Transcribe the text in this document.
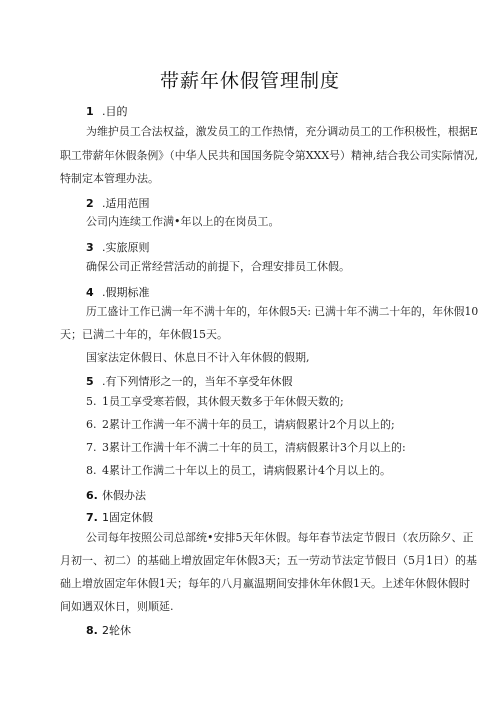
带薪年休假管理制度
1 .目的
为维护员工合法权益，激发员工的工作热情，充分调动员工的工作积极性，根据E
职工带薪年休假条例》（中华人民共和国国务院令第XXX号）精神,结合我公司实际情况,
特制定本管理办法。
2 .适用范围
公司内连续工作满•年以上的在岗员工。
3 .实旅原则
确保公司正常经营活动的前提下，合理安排员工休假。
4 .假期标准
历工盛计工作已满一年不满十年的，年休假5天: 已满十年不满二十年的，年休假10
天；已满二十年的，年休假15天。
国家法定休假日、休息日不计入年休假的假期,
5 .有下列情形之一的，当年不享受年休假
5. 1员工享受寒若假，其休假天数多于年休假天数的;
6. 2累计工作满一年不满十年的员工，请病假累计2个月以上的;
7. 3累计工作满十年不满二十年的员工，清病假累计3个月以上的:
8. 4累计工作满二十年以上的员工，请病假累计4个月以上的。
6. 休假办法
7. 1固定休假
公司每年按照公司总部统•安排5天年休假。每年春节法定节假日（农历除夕、正
月初一、初二）的基础上增放固定年休假3天；五一劳动节法定节假日（5月1日）的基
础上增放固定年休假1天；每年的八月羸温期间安排休年休假1天。上述年休假休假时
间如遇双休日，则顺延.
8. 2轮休
